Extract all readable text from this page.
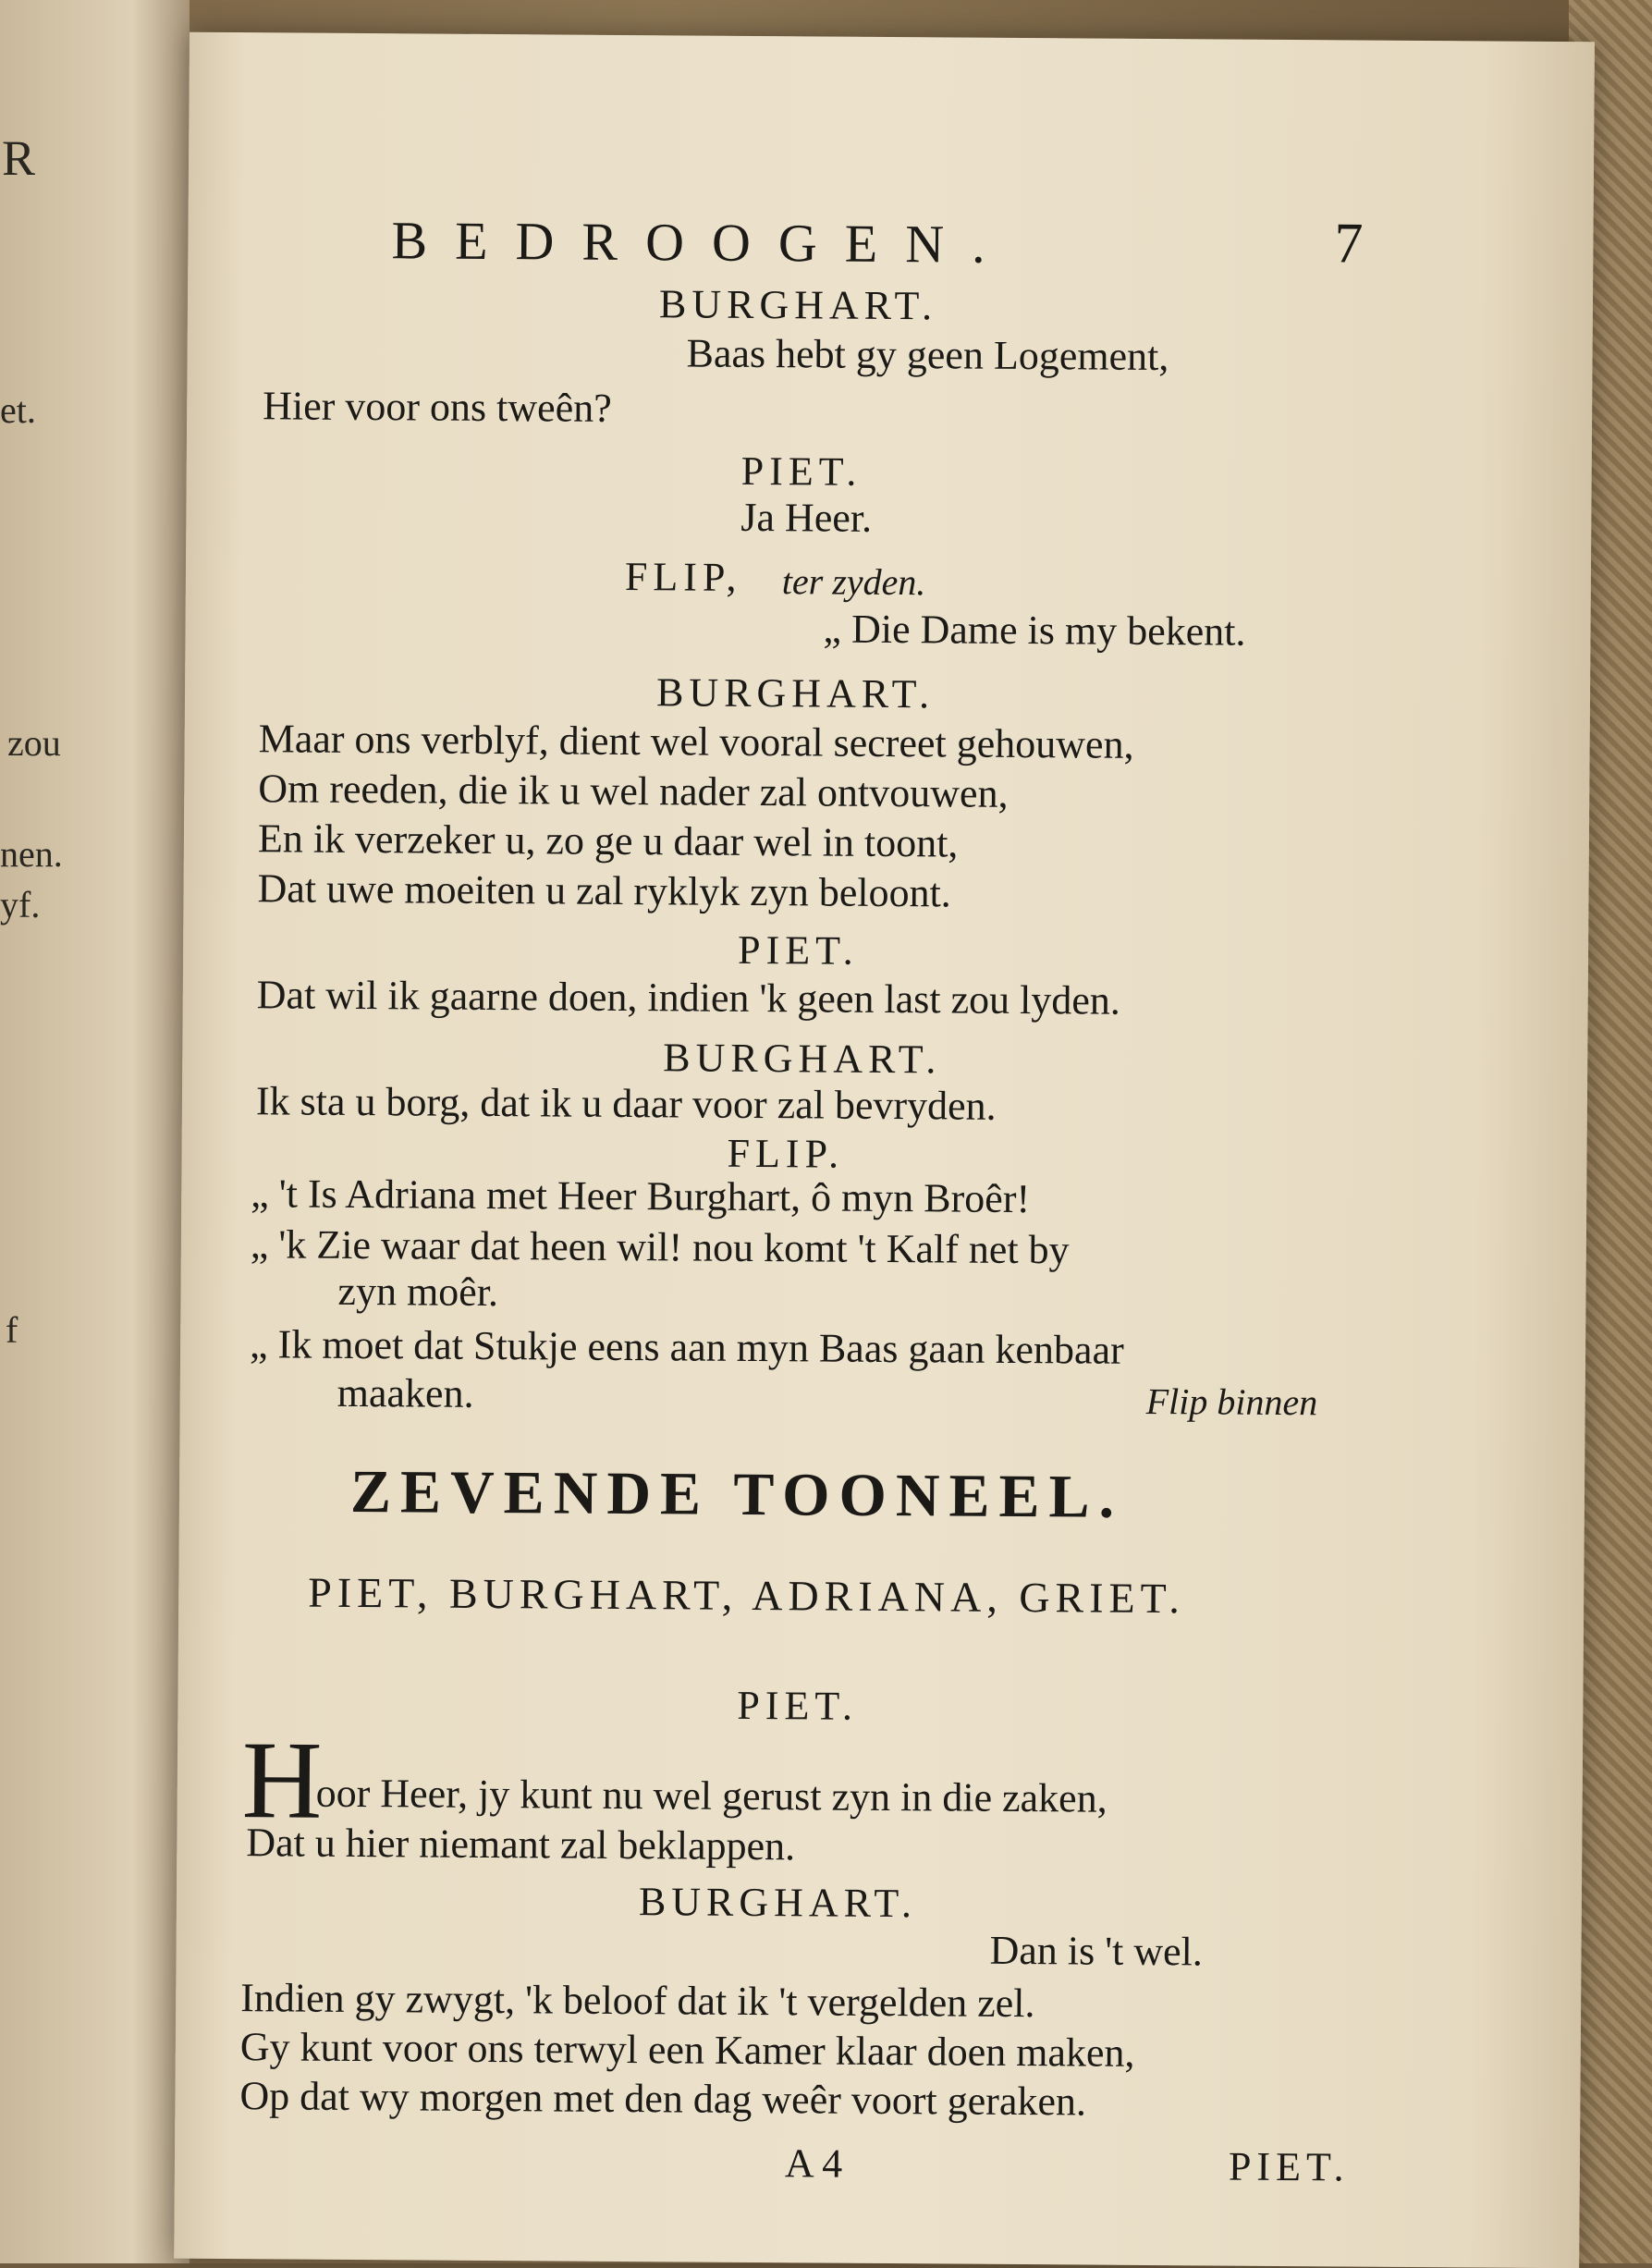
R
et.
zou
nen.
yf.
f
BEDROOGEN.	7
BURGHART.
Baas hebt gy geen Logement,
Hier voor ons tweên?
PIET.
Ja Heer.
FLIP, ter zyden.
„ Die Dame is my bekent.
BURGHART.
Maar ons verblyf, dient wel vooral secreet gehouwen,
Om reeden, die ik u wel nader zal ontvouwen,
En ik verzeker u, zo ge u daar wel in toont,
Dat uwe moeiten u zal ryklyk zyn beloont.
PIET.
Dat wil ik gaarne doen, indien 'k geen last zou lyden.
BURGHART.
Ik sta u borg, dat ik u daar voor zal bevryden.
FLIP.
„ 't Is Adriana met Heer Burghart, ô myn Broêr!
„ 'k Zie waar dat heen wil! nou komt 't Kalf net by
zyn moêr.
„ Ik moet dat Stukje eens aan myn Baas gaan kenbaar
maaken.	Flip binnen
ZEVENDE TOONEEL.
PIET, BURGHART, ADRIANA, GRIET.
PIET.
H
oor Heer, jy kunt nu wel gerust zyn in die zaken,
Dat u hier niemant zal beklappen.
BURGHART.
Dan is 't wel.
Indien gy zwygt, 'k beloof dat ik 't vergelden zel.
Gy kunt voor ons terwyl een Kamer klaar doen maken,
Op dat wy morgen met den dag weêr voort geraken.
A 4	PIET.
